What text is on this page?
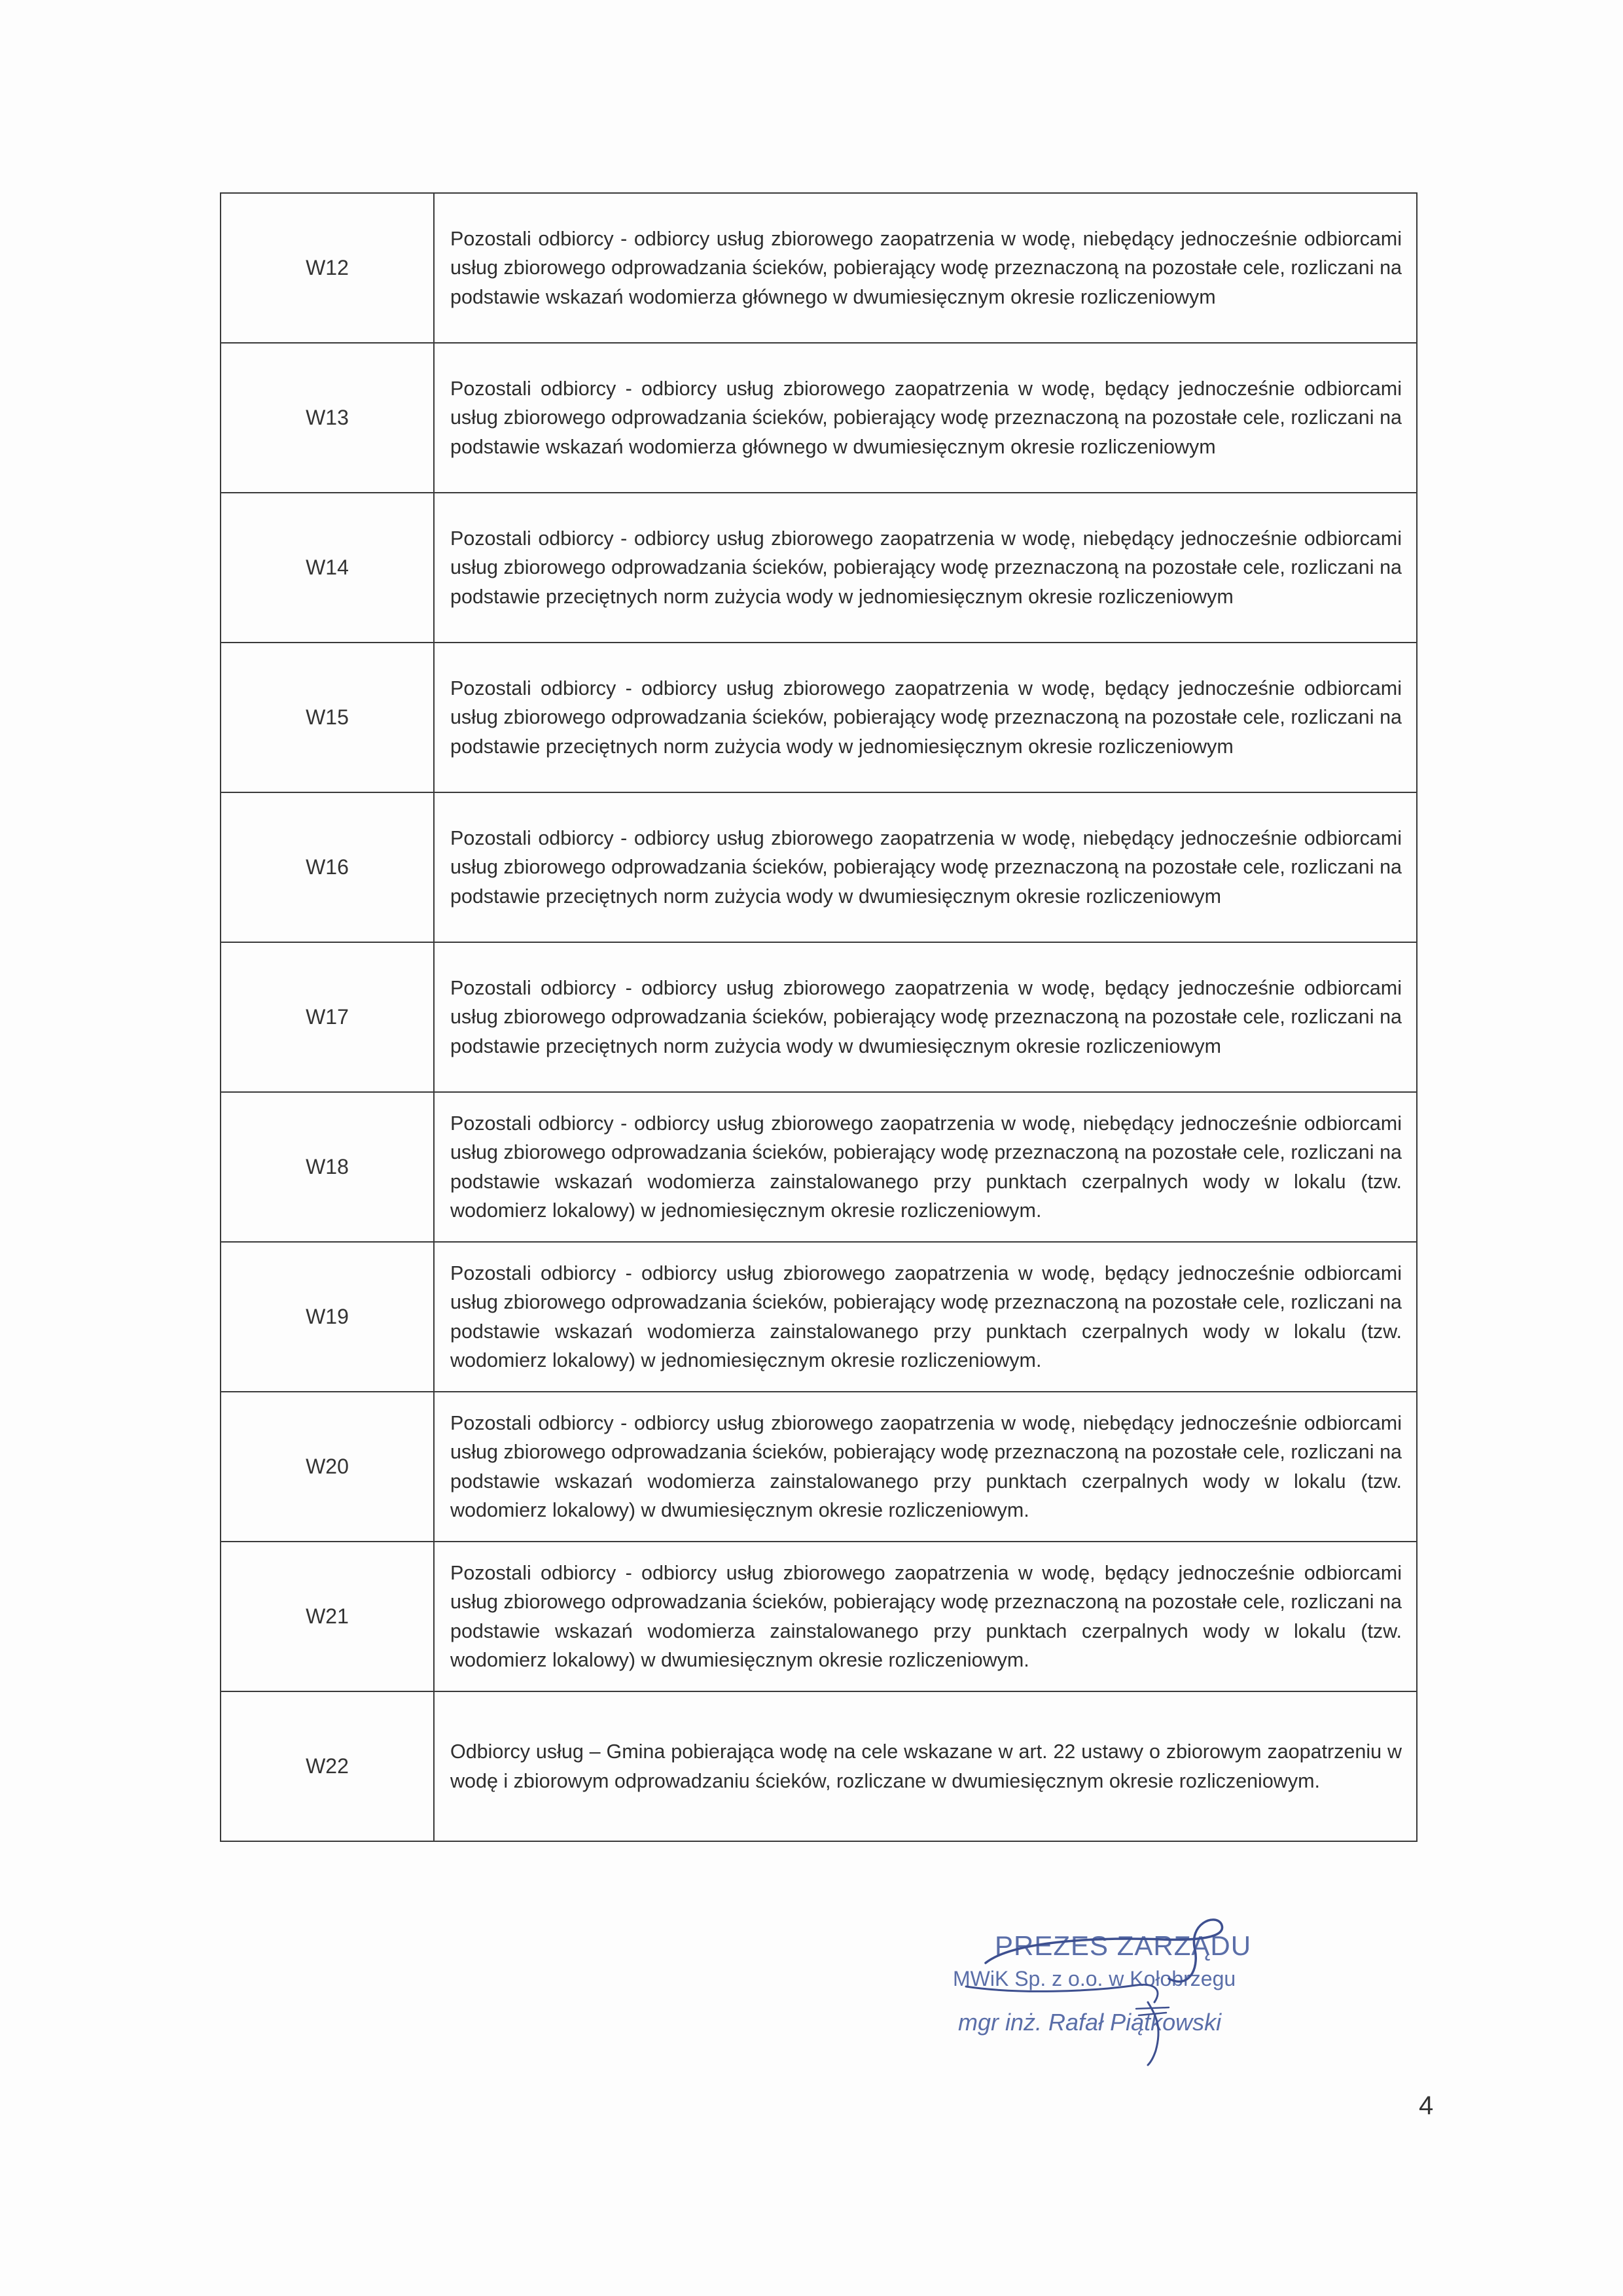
W12	Pozostali odbiorcy - odbiorcy usług zbiorowego zaopatrzenia w wodę, niebędący jednocześnie odbiorcami usług zbiorowego odprowadzania ścieków, pobierający wodę przeznaczoną na pozostałe cele, rozliczani na podstawie wskazań wodomierza głównego w dwumiesięcznym okresie rozliczeniowym
W13	Pozostali odbiorcy - odbiorcy usług zbiorowego zaopatrzenia w wodę, będący jednocześnie odbiorcami usług zbiorowego odprowadzania ścieków, pobierający wodę przeznaczoną na pozostałe cele, rozliczani na podstawie wskazań wodomierza głównego w dwumiesięcznym okresie rozliczeniowym
W14	Pozostali odbiorcy - odbiorcy usług zbiorowego zaopatrzenia w wodę, niebędący jednocześnie odbiorcami usług zbiorowego odprowadzania ścieków, pobierający wodę przeznaczoną na pozostałe cele, rozliczani na podstawie przeciętnych norm zużycia wody w jednomiesięcznym okresie rozliczeniowym
W15	Pozostali odbiorcy - odbiorcy usług zbiorowego zaopatrzenia w wodę, będący jednocześnie odbiorcami usług zbiorowego odprowadzania ścieków, pobierający wodę przeznaczoną na pozostałe cele, rozliczani na podstawie przeciętnych norm zużycia wody w jednomiesięcznym okresie rozliczeniowym
W16	Pozostali odbiorcy - odbiorcy usług zbiorowego zaopatrzenia w wodę, niebędący jednocześnie odbiorcami usług zbiorowego odprowadzania ścieków, pobierający wodę przeznaczoną na pozostałe cele, rozliczani na podstawie przeciętnych norm zużycia wody w dwumiesięcznym okresie rozliczeniowym
W17	Pozostali odbiorcy - odbiorcy usług zbiorowego zaopatrzenia w wodę, będący jednocześnie odbiorcami usług zbiorowego odprowadzania ścieków, pobierający wodę przeznaczoną na pozostałe cele, rozliczani na podstawie przeciętnych norm zużycia wody w dwumiesięcznym okresie rozliczeniowym
W18	Pozostali odbiorcy - odbiorcy usług zbiorowego zaopatrzenia w wodę, niebędący jednocześnie odbiorcami usług zbiorowego odprowadzania ścieków, pobierający wodę przeznaczoną na pozostałe cele, rozliczani na podstawie wskazań wodomierza zainstalowanego przy punktach czerpalnych wody w lokalu (tzw. wodomierz lokalowy) w jednomiesięcznym okresie rozliczeniowym.
W19	Pozostali odbiorcy - odbiorcy usług zbiorowego zaopatrzenia w wodę, będący jednocześnie odbiorcami usług zbiorowego odprowadzania ścieków, pobierający wodę przeznaczoną na pozostałe cele, rozliczani na podstawie wskazań wodomierza zainstalowanego przy punktach czerpalnych wody w lokalu (tzw. wodomierz lokalowy) w jednomiesięcznym okresie rozliczeniowym.
W20	Pozostali odbiorcy - odbiorcy usług zbiorowego zaopatrzenia w wodę, niebędący jednocześnie odbiorcami usług zbiorowego odprowadzania ścieków, pobierający wodę przeznaczoną na pozostałe cele, rozliczani na podstawie wskazań wodomierza zainstalowanego przy punktach czerpalnych wody w lokalu (tzw. wodomierz lokalowy) w dwumiesięcznym okresie rozliczeniowym.
W21	Pozostali odbiorcy - odbiorcy usług zbiorowego zaopatrzenia w wodę, będący jednocześnie odbiorcami usług zbiorowego odprowadzania ścieków, pobierający wodę przeznaczoną na pozostałe cele, rozliczani na podstawie wskazań wodomierza zainstalowanego przy punktach czerpalnych wody w lokalu (tzw. wodomierz lokalowy) w dwumiesięcznym okresie rozliczeniowym.
W22	Odbiorcy usług – Gmina pobierająca wodę na cele wskazane w art. 22 ustawy o zbiorowym zaopatrzeniu w wodę i zbiorowym odprowadzaniu ścieków, rozliczane w dwumiesięcznym okresie rozliczeniowym.
PREZES ZARZĄDU
MWiK Sp. z o.o. w Kołobrzegu
mgr inż. Rafał Piątkowski
4
